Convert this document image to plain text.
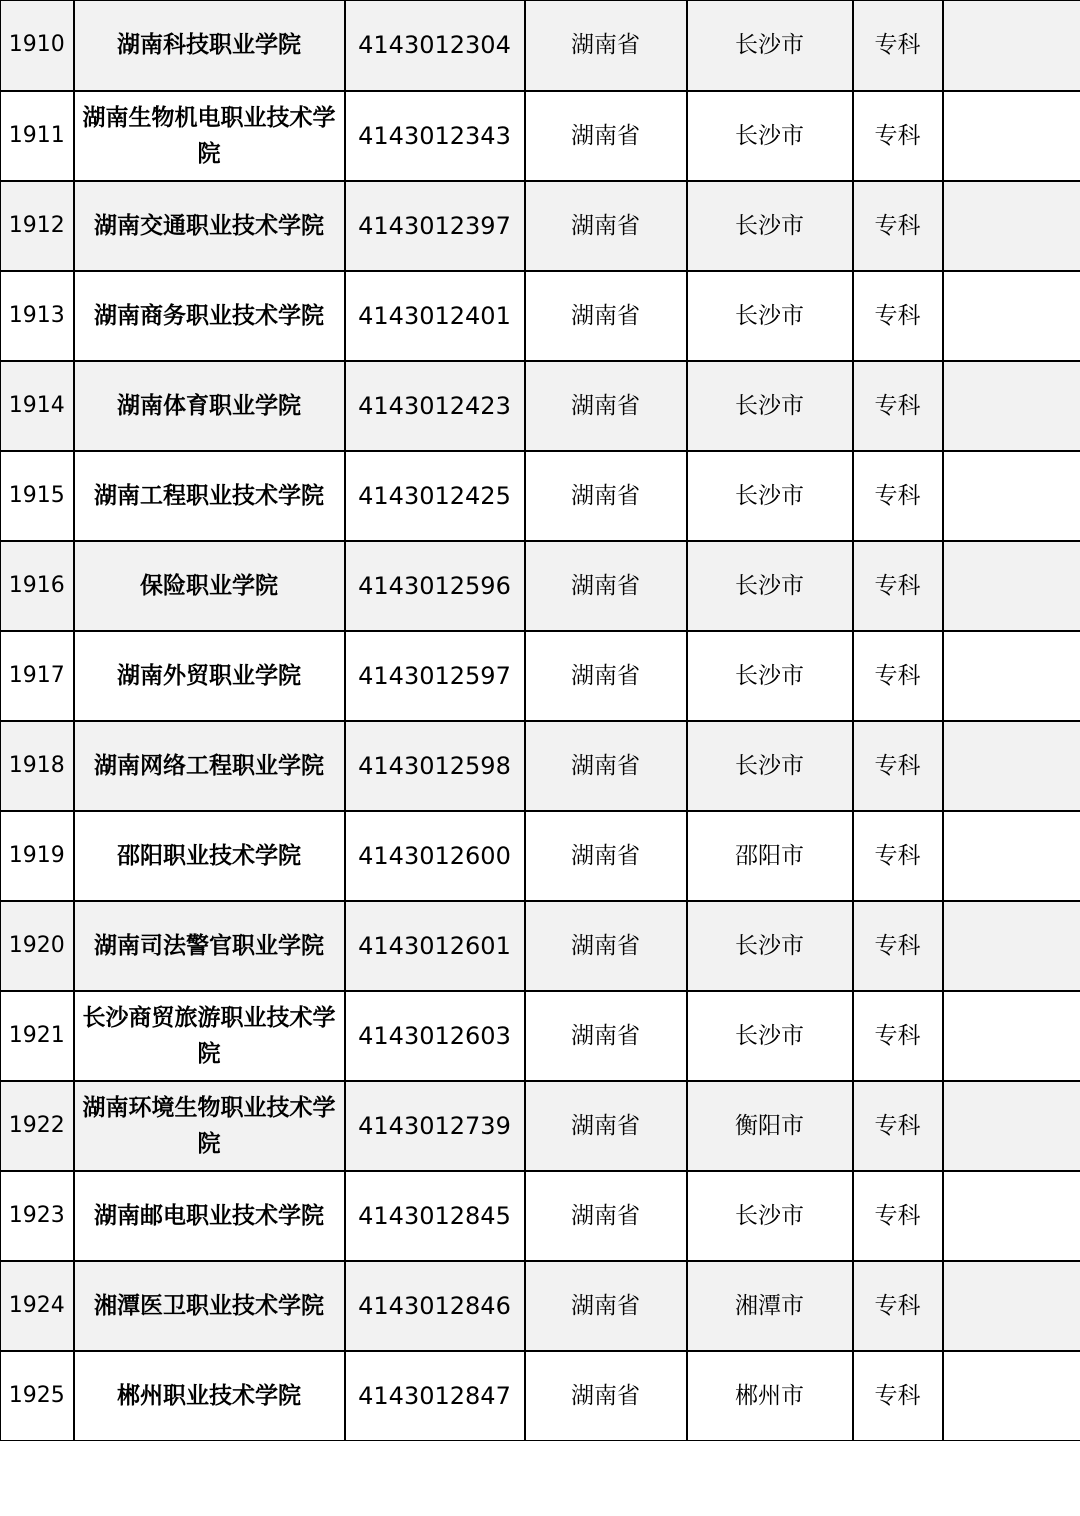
1910	湖南科技职业学院	4143012304	湖南省	长沙市	专科	
1911	湖南生物机电职业技术学院	4143012343	湖南省	长沙市	专科	
1912	湖南交通职业技术学院	4143012397	湖南省	长沙市	专科	
1913	湖南商务职业技术学院	4143012401	湖南省	长沙市	专科	
1914	湖南体育职业学院	4143012423	湖南省	长沙市	专科	
1915	湖南工程职业技术学院	4143012425	湖南省	长沙市	专科	
1916	保险职业学院	4143012596	湖南省	长沙市	专科	
1917	湖南外贸职业学院	4143012597	湖南省	长沙市	专科	
1918	湖南网络工程职业学院	4143012598	湖南省	长沙市	专科	
1919	邵阳职业技术学院	4143012600	湖南省	邵阳市	专科	
1920	湖南司法警官职业学院	4143012601	湖南省	长沙市	专科	
1921	长沙商贸旅游职业技术学院	4143012603	湖南省	长沙市	专科	
1922	湖南环境生物职业技术学院	4143012739	湖南省	衡阳市	专科	
1923	湖南邮电职业技术学院	4143012845	湖南省	长沙市	专科	
1924	湘潭医卫职业技术学院	4143012846	湖南省	湘潭市	专科	
1925	郴州职业技术学院	4143012847	湖南省	郴州市	专科	
